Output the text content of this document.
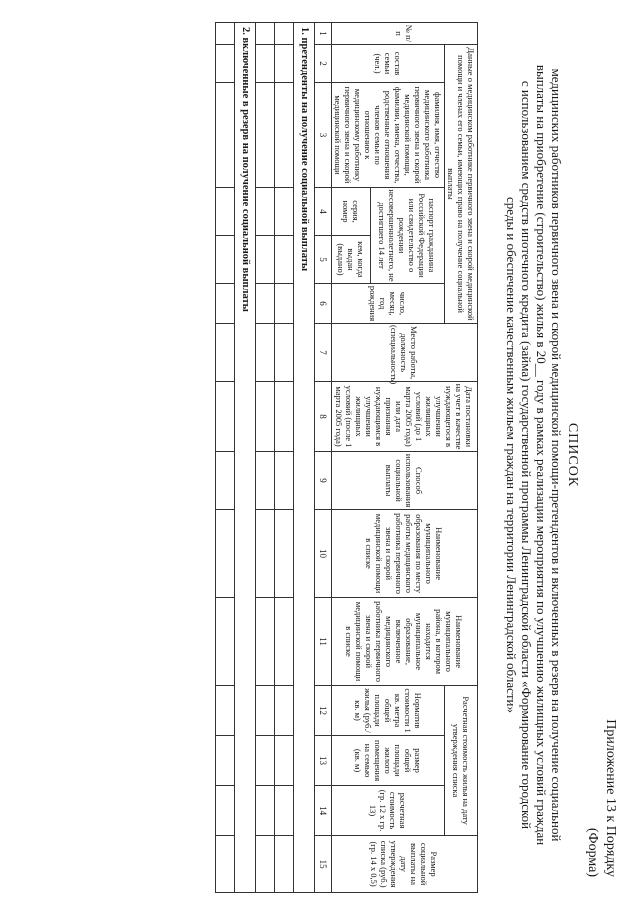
Приложение 13 к Порядку
(Форма)
СПИСОК
медицинских работников первичного звена и скорой медицинской помощи-претендентов и включенных в резерв на получение социальной
выплаты на приобретение (строительство) жилья в 20__ году в рамках реализации мероприятия по улучшению жилищных условий граждан
с использованием средств ипотечного кредита (займа) государственной программы Ленинградской области «Формирование городской
среды и обеспечение качественным жильем граждан на территории Ленинградской области»
№ п/п	Данные о медицинском работнике первичного звена и скорой медицинской помощи и членах его семьи, имеющих право на получение социальной выплаты					Место работы, должность (специальность)	Дата постановки на учет в качестве нуждающегося в улучшении жилищных условий (до 1 марта 2005 года) или дата признания нуждающимся в улучшении жилищных условий (после 1 марта 2005 года)	Способ использования социальной выплаты	Наименование муниципального образования по месту работы медицинского работника первичного звена и скорой медицинской помощи в списке	Наименование муниципального района, в котором находится муниципальное образование, включенное медицинского работника первичного звена и скорой медицинской помощи в списке	Расчетная стоимость жилья на дату утверждения списка			Размер социальной выплаты на дату утверждения списка (руб.) (гр. 14 x 0,5)
	состав семьи (чел.)	фамилия, имя, отчество медицинского работника первичного звена и скорой медицинской помощи, фамилии, имена, отчества, родственные отношения членов семьи по отношению к медицинскому работнику первичного звена и скорой медицинской помощи	паспорт гражданина Российской Федерации или свидетельство о рождении несовершеннолетнего, не достигшего 14 лет		число, месяц, год рождения						Норматив стоимости 1 кв. метра общей площади жилья (руб./кв. м)	размер общей площади жилого помещения на семью (кв. м)	расчетная стоимость (гр. 12 х гр. 13)	
			серия, номер	кем, когда выдан (выдано)										
1	2	3	4	5	6	7	8	9	10	11	12	13	14	15
1. претенденты на получение социальной выплаты														

2. включенные в резерв на получение социальной выплаты														
